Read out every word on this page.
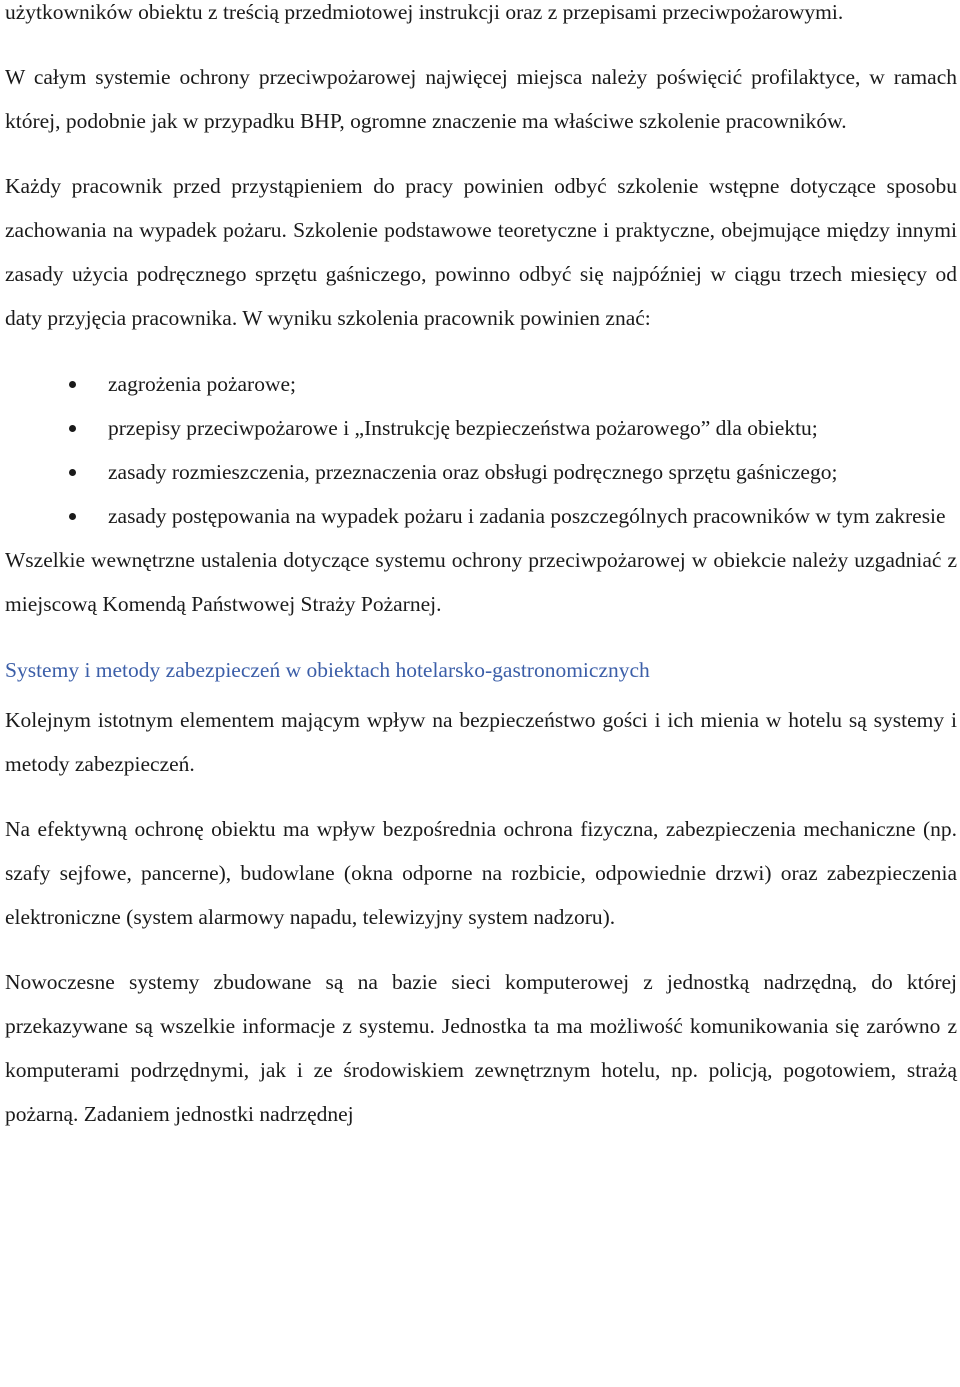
użytkowników obiektu z treścią przedmiotowej instrukcji oraz z przepisami przeciwpożarowymi.

W całym systemie ochrony przeciwpożarowej najwięcej miejsca należy poświęcić profilaktyce, w ramach której, podobnie jak w przypadku BHP, ogromne znaczenie ma właściwe szkolenie pracowników.

Każdy pracownik przed przystąpieniem do pracy powinien odbyć szkolenie wstępne dotyczące sposobu zachowania na wypadek pożaru. Szkolenie podstawowe teoretyczne i praktyczne, obejmujące między innymi zasady użycia podręcznego sprzętu gaśniczego, powinno odbyć się najpóźniej w ciągu trzech miesięcy od daty przyjęcia pracownika. W wyniku szkolenia pracownik powinien znać:

zagrożenia pożarowe;
przepisy przeciwpożarowe i „Instrukcję bezpieczeństwa pożarowego” dla obiektu;
zasady rozmieszczenia, przeznaczenia oraz obsługi podręcznego sprzętu gaśniczego;
zasady postępowania na wypadek pożaru i zadania poszczególnych pracowników w tym zakresie

Wszelkie wewnętrzne ustalenia dotyczące systemu ochrony przeciwpożarowej w obiekcie należy uzgadniać z miejscową Komendą Państwowej Straży Pożarnej.

Systemy i metody zabezpieczeń w obiektach hotelarsko-gastronomicznych

Kolejnym istotnym elementem mającym wpływ na bezpieczeństwo gości i ich mienia w hotelu są systemy i metody zabezpieczeń.

Na efektywną ochronę obiektu ma wpływ bezpośrednia ochrona fizyczna, zabezpieczenia mechaniczne (np. szafy sejfowe, pancerne), budowlane (okna odporne na rozbicie, odpowiednie drzwi) oraz zabezpieczenia elektroniczne (system alarmowy napadu, telewizyjny system nadzoru).

Nowoczesne systemy zbudowane są na bazie sieci komputerowej z jednostką nadrzędną, do której przekazywane są wszelkie informacje z systemu. Jednostka ta ma możliwość komunikowania się zarówno z komputerami podrzędnymi, jak i ze środowiskiem zewnętrznym hotelu, np. policją, pogotowiem, strażą pożarną. Zadaniem jednostki nadrzędnej
